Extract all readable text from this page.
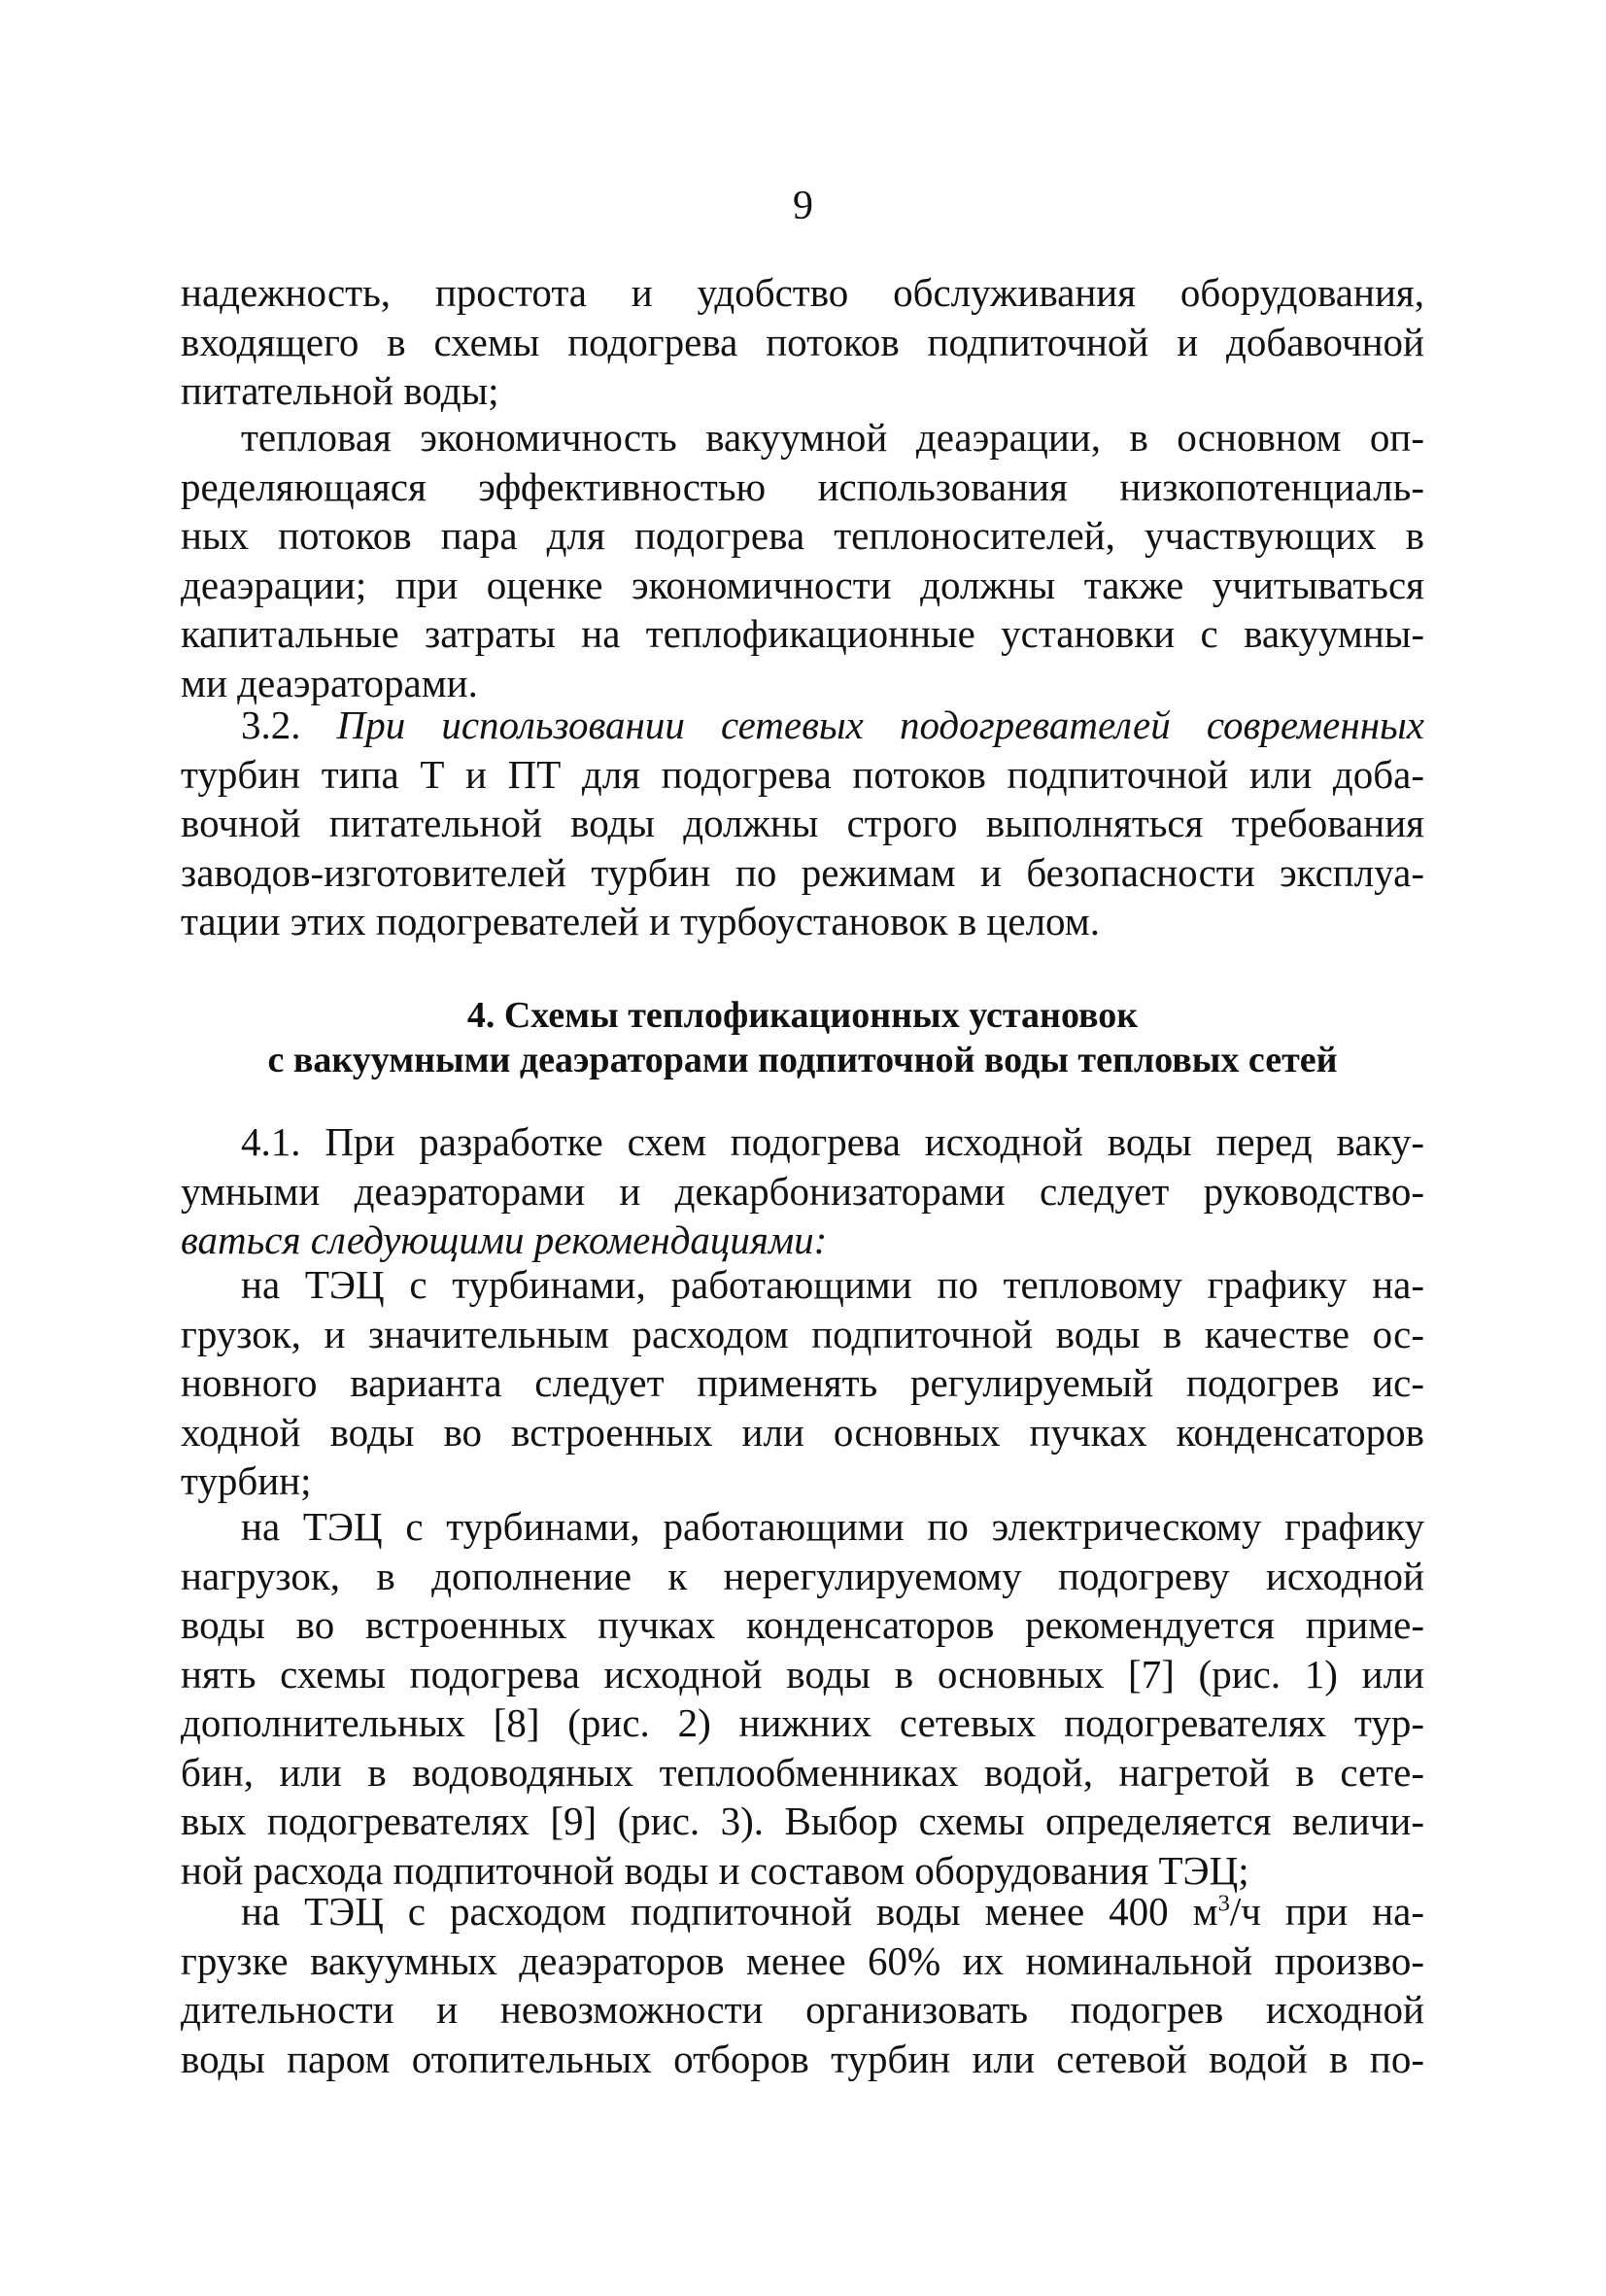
9
надежность, простота и удобство обслуживания оборудования,
входящего в схемы подогрева потоков подпиточной и добавочной
питательной воды;
тепловая экономичность вакуумной деаэрации, в основном оп-
ределяющаяся эффективностью использования низкопотенциаль-
ных потоков пара для подогрева теплоносителей, участвующих в
деаэрации; при оценке экономичности должны также учитываться
капитальные затраты на теплофикационные установки с вакуумны-
ми деаэраторами.
3.2. При использовании сетевых подогревателей современных
турбин типа Т и ПТ для подогрева потоков подпиточной или доба-
вочной питательной воды должны строго выполняться требования
заводов-изготовителей турбин по режимам и безопасности эксплуа-
тации этих подогревателей и турбоустановок в целом.
4. Схемы теплофикационных установок
с вакуумными деаэраторами подпиточной воды тепловых сетей
4.1. При разработке схем подогрева исходной воды перед ваку-
умными деаэраторами и декарбонизаторами следует руководство-
ваться следующими рекомендациями:
на ТЭЦ с турбинами, работающими по тепловому графику на-
грузок, и значительным расходом подпиточной воды в качестве ос-
новного варианта следует применять регулируемый подогрев ис-
ходной воды во встроенных или основных пучках конденсаторов
турбин;
на ТЭЦ с турбинами, работающими по электрическому графику
нагрузок, в дополнение к нерегулируемому подогреву исходной
воды во встроенных пучках конденсаторов рекомендуется приме-
нять схемы подогрева исходной воды в основных [7] (рис. 1) или
дополнительных [8] (рис. 2) нижних сетевых подогревателях тур-
бин, или в водоводяных теплообменниках водой, нагретой в сете-
вых подогревателях [9] (рис. 3). Выбор схемы определяется величи-
ной расхода подпиточной воды и составом оборудования ТЭЦ;
на ТЭЦ с расходом подпиточной воды менее 400 $м^3/ч$ при на-
грузке вакуумных деаэраторов менее 60% их номинальной произво-
дительности и невозможности организовать подогрев исходной
воды паром отопительных отборов турбин или сетевой водой в по-
